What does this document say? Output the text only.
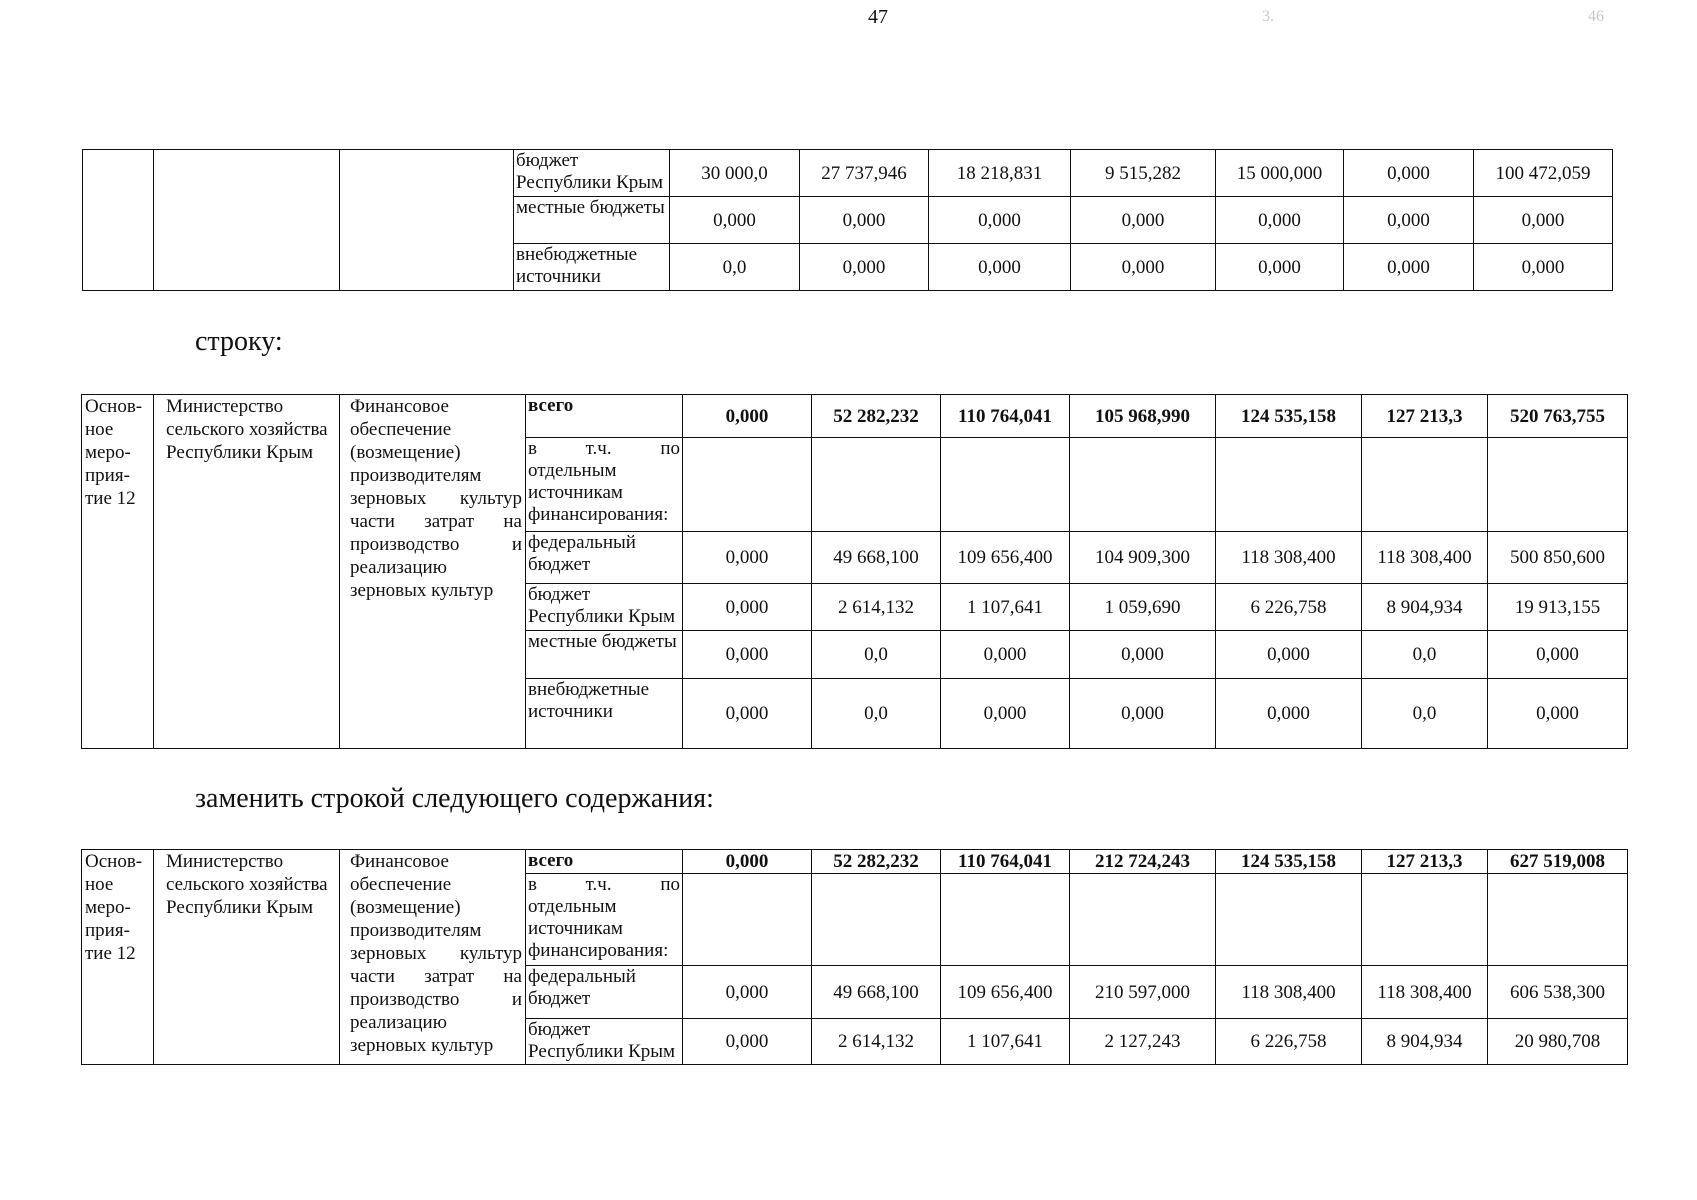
47	3.	46
			бюджет Республики Крым	30 000,0	27 737,946	18 218,831	9 515,282	15 000,000	0,000	100 472,059
			местные бюджеты	0,000	0,000	0,000	0,000	0,000	0,000	0,000
			внебюджетные источники	0,0	0,000	0,000	0,000	0,000	0,000	0,000
строку:
Основ-ное меро-прия-тие 12	Министерство сельского хозяйства Республики Крым	Финансовое обеспечение (возмещение) производителям зерновых культур части затрат на производство и реализацию зерновых культур	всего	0,000	52 282,232	110 764,041	105 968,990	124 535,158	127 213,3	520 763,755
			в т.ч. по отдельным источникам финансирования:							
			федеральный бюджет	0,000	49 668,100	109 656,400	104 909,300	118 308,400	118 308,400	500 850,600
			бюджет Республики Крым	0,000	2 614,132	1 107,641	1 059,690	6 226,758	8 904,934	19 913,155
			местные бюджеты	0,000	0,0	0,000	0,000	0,000	0,0	0,000
			внебюджетные источники	0,000	0,0	0,000	0,000	0,000	0,0	0,000
заменить строкой следующего содержания:
Основ-ное меро-прия-тие 12	Министерство сельского хозяйства Республики Крым	Финансовое обеспечение (возмещение) производителям зерновых культур части затрат на производство и реализацию зерновых культур	всего	0,000	52 282,232	110 764,041	212 724,243	124 535,158	127 213,3	627 519,008
			в т.ч. по отдельным источникам финансирования:							
			федеральный бюджет	0,000	49 668,100	109 656,400	210 597,000	118 308,400	118 308,400	606 538,300
			бюджет Республики Крым	0,000	2 614,132	1 107,641	2 127,243	6 226,758	8 904,934	20 980,708
